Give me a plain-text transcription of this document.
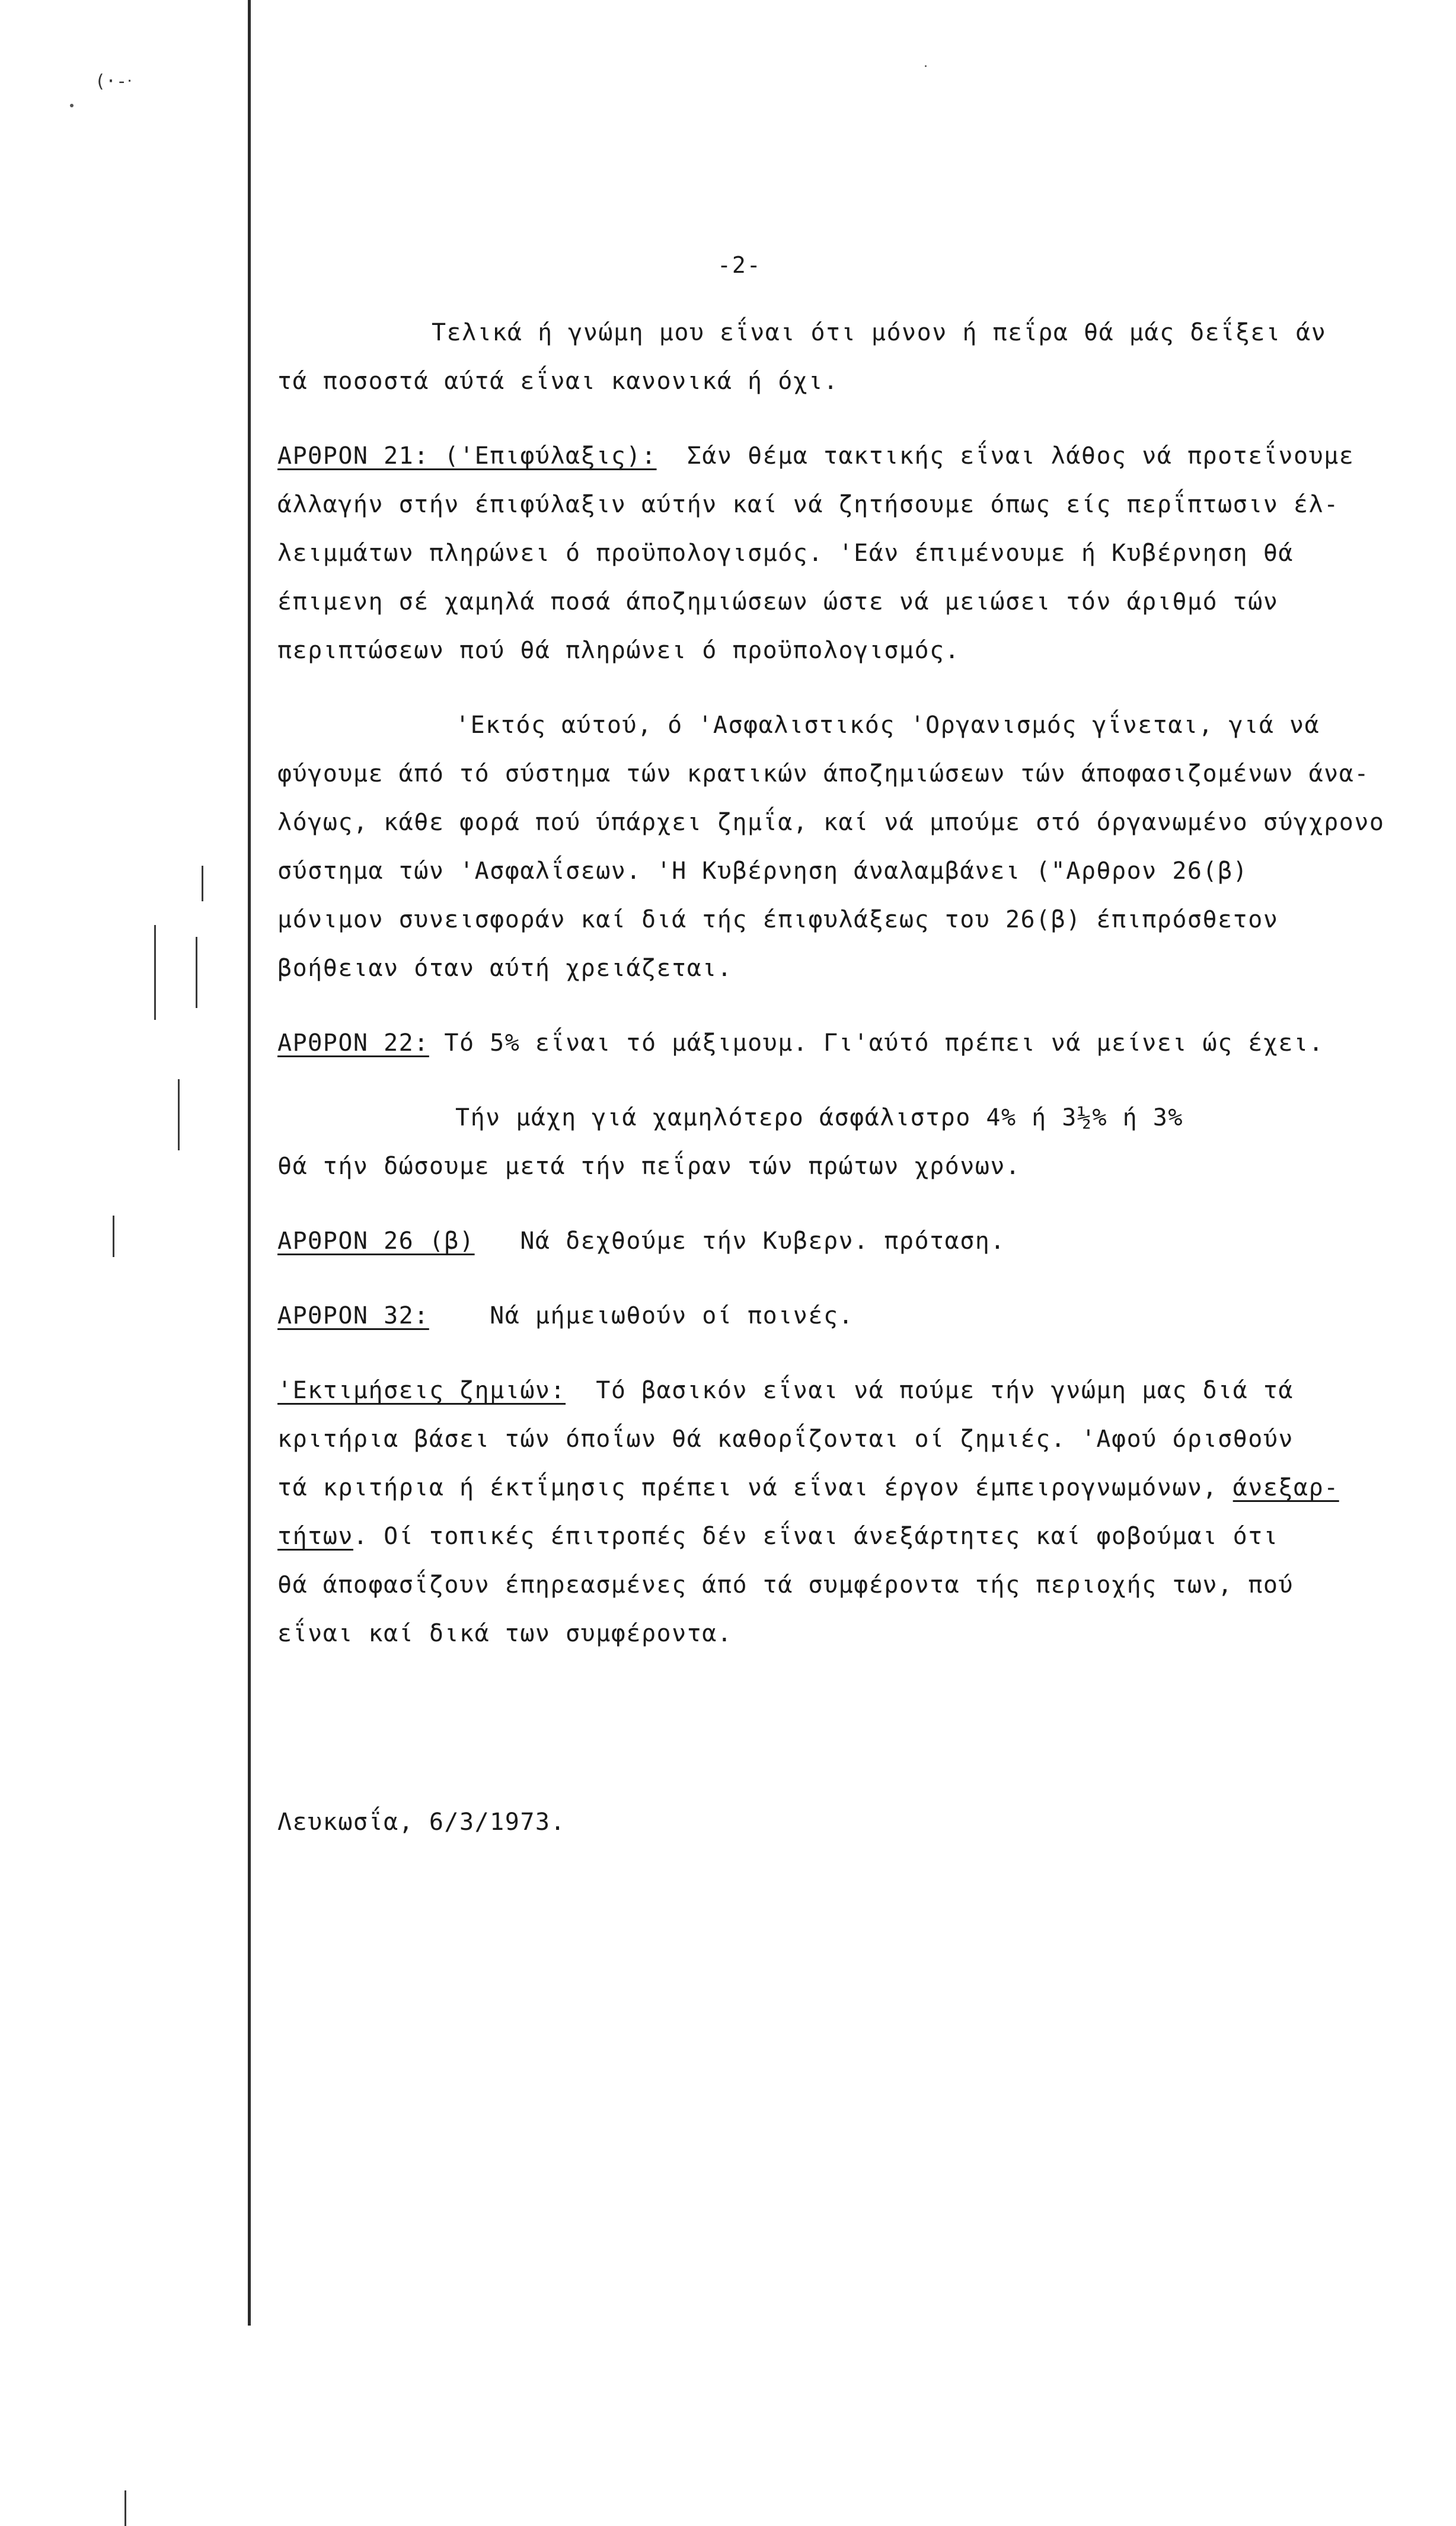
(·-ᐧ
-2-

Τελικά ή γνώμη μου εΐναι ότι μόνον ή πεΐρα θά μάς δεΐξει άν

τά ποσοστά αύτά εΐναι κανονικά ή όχι.

ΑΡΘΡΟΝ 21: ('Επιφύλαξις): Σάν θέμα τακτικής εΐναι λάθος νά προτεΐνουμε

άλλαγήν στήν έπιφύλαξιν αύτήν καί νά ζητήσουμε όπως είς περΐπτωσιν έλ-

λειμμάτων πληρώνει ό προϋπολογισμός. 'Εάν έπιμένουμε ή Κυβέρνηση θά

έπιμενη σέ χαμηλά ποσά άποζημιώσεων ώστε νά μειώσει τόν άριθμό τών

περιπτώσεων πού θά πληρώνει ό προϋπολογισμός.

'Εκτός αύτού, ό 'Ασφαλιστικός 'Οργανισμός γΐνεται, γιά νά

φύγουμε άπό τό σύστημα τών κρατικών άποζημιώσεων τών άποφασιζομένων άνα-

λόγως, κάθε φορά πού ύπάρχει ζημΐα, καί νά μπούμε στό όργανωμένο σύγχρονο

σύστημα τών 'Ασφαλΐσεων. 'Η Κυβέρνηση άναλαμβάνει ("Αρθρον 26(β)

μόνιμον συνεισφοράν καί διά τής έπιφυλάξεως του 26(β) έπιπρόσθετον

βοήθειαν όταν αύτή χρειάζεται.

ΑΡΘΡΟΝ 22: Τό 5% εΐναι τό μάξιμουμ. Γι'αύτό πρέπει νά μείνει ώς έχει.

Τήν μάχη γιά χαμηλότερο άσφάλιστρο 4% ή 3½% ή 3%

θά τήν δώσουμε μετά τήν πεΐραν τών πρώτων χρόνων.

ΑΡΘΡΟΝ 26 (β) Νά δεχθούμε τήν Κυβερν. πρόταση.

ΑΡΘΡΟΝ 32:	Νά μήμειωθούν οί ποινές.

'Εκτιμήσεις ζημιών: Τό βασικόν εΐναι νά πούμε τήν γνώμη μας διά τά

κριτήρια βάσει τών όποΐων θά καθορΐζονται οί ζημιές. 'Αφού όρισθούν

τά κριτήρια ή έκτΐμησις πρέπει νά εΐναι έργον έμπειρογνωμόνων, άνεξαρ-

τήτων. Οί τοπικές έπιτροπές δέν εΐναι άνεξάρτητες καί φοβούμαι ότι

θά άποφασΐζουν έπηρεασμένες άπό τά συμφέροντα τής περιοχής των, πού

εΐναι καί δικά των συμφέροντα.

Λευκωσΐα, 6/3/1973.
